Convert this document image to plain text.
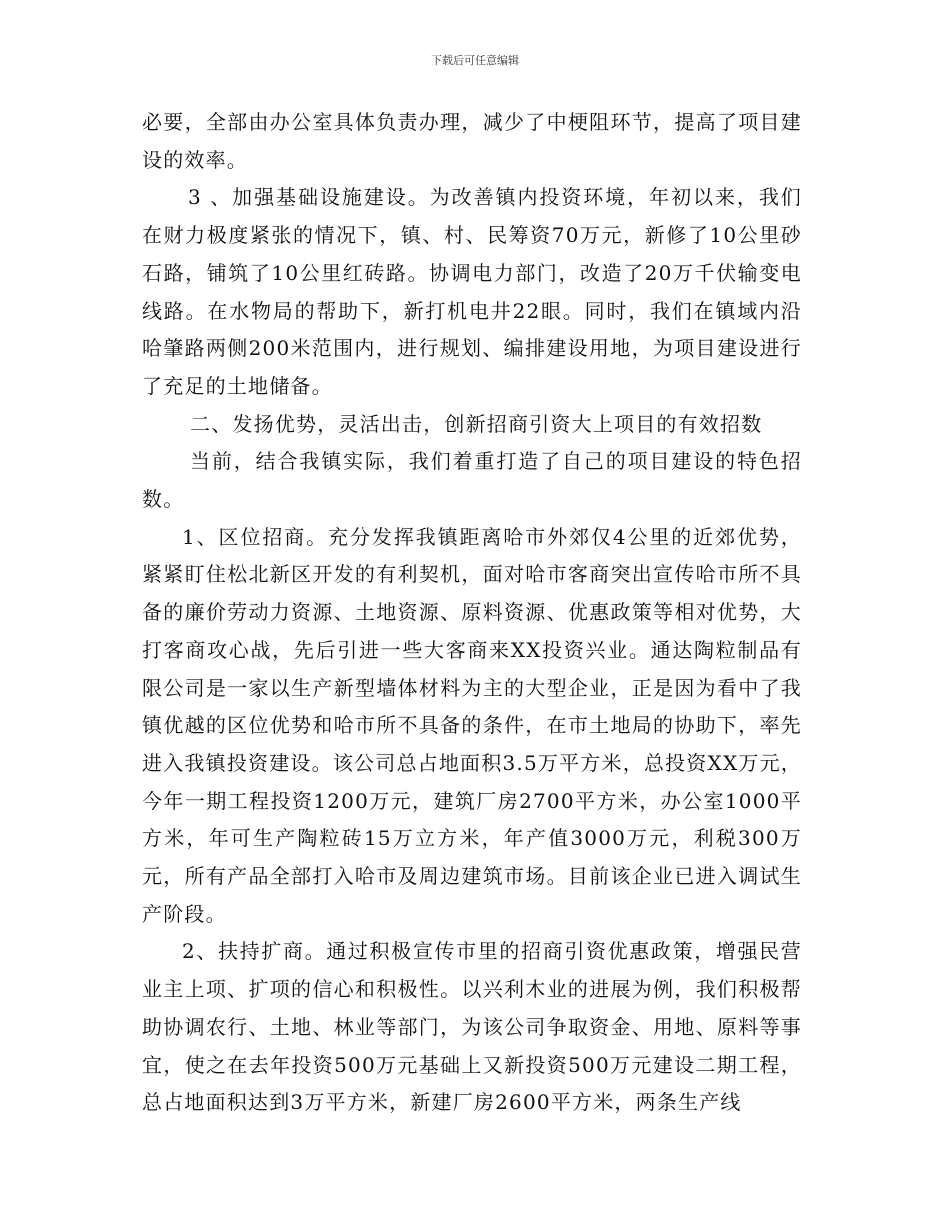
下载后可任意编辑

必要，全部由办公室具体负责办理，减少了中梗阻环节，提高了项目建设的效率。

3 、加强基础设施建设。为改善镇内投资环境，年初以来，我们在财力极度紧张的情况下，镇、村、民筹资70万元，新修了10公里砂石路，铺筑了10公里红砖路。协调电力部门，改造了20万千伏输变电线路。在水物局的帮助下，新打机电井22眼。同时，我们在镇域内沿哈肇路两侧200米范围内，进行规划、编排建设用地，为项目建设进行了充足的土地储备。

二、发扬优势，灵活出击，创新招商引资大上项目的有效招数

当前，结合我镇实际，我们着重打造了自己的项目建设的特色招数。

1、区位招商。充分发挥我镇距离哈市外郊仅4公里的近郊优势，紧紧盯住松北新区开发的有利契机，面对哈市客商突出宣传哈市所不具备的廉价劳动力资源、土地资源、原料资源、优惠政策等相对优势，大打客商攻心战，先后引进一些大客商来XX投资兴业。通达陶粒制品有限公司是一家以生产新型墙体材料为主的大型企业，正是因为看中了我镇优越的区位优势和哈市所不具备的条件，在市土地局的协助下，率先进入我镇投资建设。该公司总占地面积3.5万平方米，总投资XX万元，今年一期工程投资1200万元，建筑厂房2700平方米，办公室1000平方米，年可生产陶粒砖15万立方米，年产值3000万元，利税300万元，所有产品全部打入哈市及周边建筑市场。目前该企业已进入调试生产阶段。

2、扶持扩商。通过积极宣传市里的招商引资优惠政策，增强民营业主上项、扩项的信心和积极性。以兴利木业的进展为例，我们积极帮助协调农行、土地、林业等部门，为该公司争取资金、用地、原料等事宜，使之在去年投资500万元基础上又新投资500万元建设二期工程，总占地面积达到3万平方米，新建厂房2600平方米，两条生产线
